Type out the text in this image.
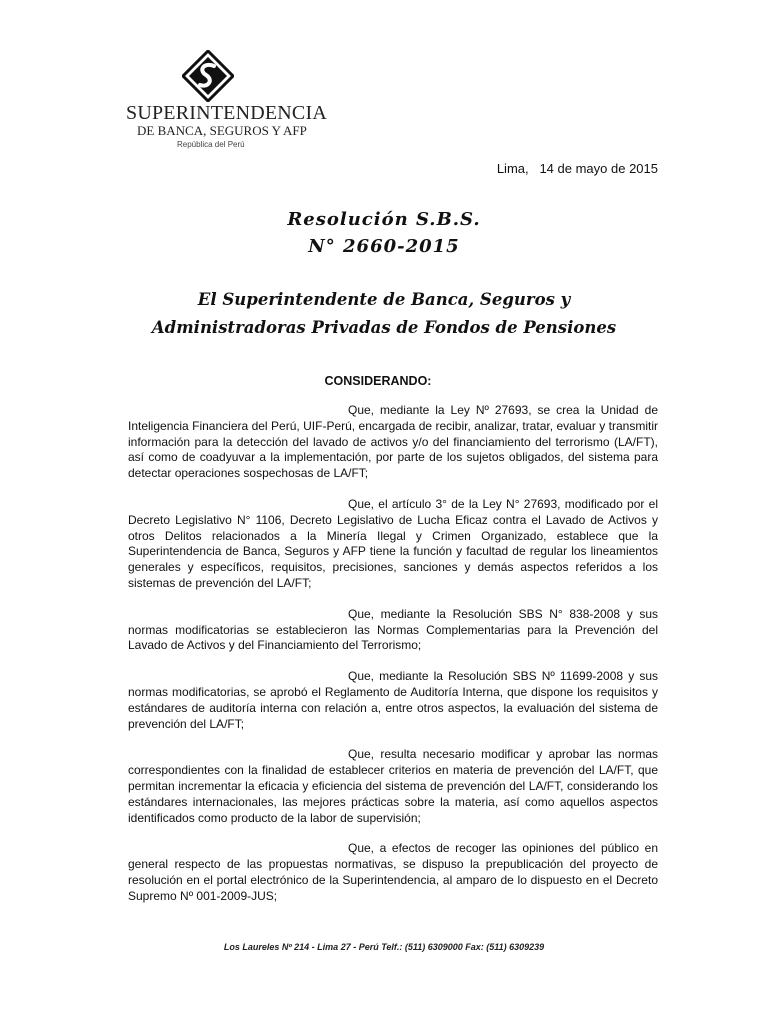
SUPERINTENDENCIA
DE BANCA, SEGUROS Y AFP
República del Perú
Lima,   14 de mayo de 2015
Resolución S.B.S.
N° 2660-2015
El Superintendente de Banca, Seguros y
Administradoras Privadas de Fondos de Pensiones
CONSIDERANDO:

Que, mediante la Ley Nº 27693, se crea la Unidad de Inteligencia Financiera del Perú, UIF-Perú, encargada de recibir, analizar, tratar, evaluar y transmitir información para la detección del lavado de activos y/o del financiamiento del terrorismo (LA/FT), así como de coadyuvar a la implementación, por parte de los sujetos obligados, del sistema para detectar operaciones sospechosas de LA/FT;

Que, el artículo 3° de la Ley N° 27693, modificado por el Decreto Legislativo N° 1106, Decreto Legislativo de Lucha Eficaz contra el Lavado de Activos y otros Delitos relacionados a la Minería Ilegal y Crimen Organizado, establece que la Superintendencia de Banca, Seguros y AFP tiene la función y facultad de regular los lineamientos generales y específicos, requisitos, precisiones, sanciones y demás aspectos referidos a los sistemas de prevención del LA/FT;

Que, mediante la Resolución SBS N° 838-2008 y sus normas modificatorias se establecieron las Normas Complementarias para la Prevención del Lavado de Activos y del Financiamiento del Terrorismo;

Que, mediante la Resolución SBS Nº 11699-2008 y sus normas modificatorias, se aprobó el Reglamento de Auditoría Interna, que dispone los requisitos y estándares de auditoría interna con relación a, entre otros aspectos, la evaluación del sistema de prevención del LA/FT;

Que, resulta necesario modificar y aprobar las normas correspondientes con la finalidad de establecer criterios en materia de prevención del LA/FT, que permitan incrementar la eficacia y eficiencia del sistema de prevención del LA/FT, considerando los estándares internacionales, las mejores prácticas sobre la materia, así como aquellos aspectos identificados como producto de la labor de supervisión;

Que, a efectos de recoger las opiniones del público en general respecto de las propuestas normativas, se dispuso la prepublicación del proyecto de resolución en el portal electrónico de la Superintendencia, al amparo de lo dispuesto en el Decreto Supremo Nº 001-2009-JUS;

Los Laureles Nº 214 - Lima 27 - Perú Telf.: (511) 6309000 Fax: (511) 6309239
